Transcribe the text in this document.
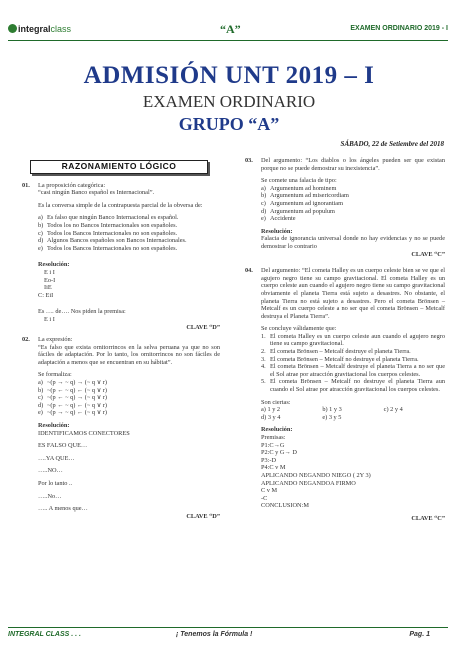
integralclass	“A”	EXAMEN ORDINARIO 2019 - I
ADMISIÓN UNT 2019 – I
EXAMEN ORDINARIO
GRUPO “A”
SÁBADO, 22 de Setiembre del 2018
RAZONAMIENTO LÓGICO
01.	La proposición categórica:

“casi ningún Banco español es Internacional”.

Es la conversa simple de la contrapuesta parcial de la obversa de:

a) Es falso que ningún Banco Internacional es español.
b) Todos los no Bancos Internacionales son españoles.
c) Todos los Bancos Internacionales no son españoles.
d) Algunos Bancos españoles son Bancos Internacionales.
e) Todos los Bancos Internacionales no son españoles.

Resolución:

E i I

Eo-I

IiE

C: EiI

Es …. de…. Nos piden la premisa:

E i I

CLAVE “D”

02.	La expresión:

“Es falso que exista ornitorrincos en la selva peruana ya que no son fáciles de adaptación. Por lo tanto, los ornitorrincos no son fáciles de adaptación a menos que se encuentran en su hábitat”.

Se formaliza:

a) ~(p → ~ q) → (~ q ∨ r)
b) ~(p ← ~ q) ← (~ q ∨ r)
c) ~(p ← ~ q) → (~ q ∨ r)
d) ~(p ← ~ q) ← (~ q ∨ r)
e) ~(p → ~ q) ← (~ q ∨ r)

Resolución:

IDENTIFICAMOS CONECTORES

ES FALSO QUE…

….YA QUE…

…..NO…

Por lo tanto ..

…..No…

….. A menos que…

CLAVE “D”

03.	Del argumento: “Los diablos o los ángeles pueden ser que existan porque no se puede demostrar su inexistencia”.

Se comete una falacia de tipo:

a) Argumentum ad hominem
b) Argumentum ad misericordiam
c) Argumentum ad ignorantiam
d) Argumentum ad populum
e) Accidente

Resolución:

Falacia de ignorancia universal donde no hay evidencias y no se puede demostrar lo contrario

CLAVE “C”

04.	Del argumento: “El cometa Halley es un cuerpo celeste bien se ve que el agujero negro tiene su campo gravitacional. El cometa Halley es un cuerpo celeste aun cuando el agujero negro tiene su campo gravitacional obviamente el planeta Tierra está sujeto a desastres. No obstante, el planeta Tierra no está sujeto a desastres. Pero el cometa Brönsen – Metcalf es un cuerpo celeste a no ser que el cometa Brönsen – Metcalf destruya el Planeta Tierra”.

Se concluye válidamente que:

1. El cometa Halley es un cuerpo celeste aun cuando el agujero negro tiene su campo gravitacional.
2. El cometa Brönsen – Metcalf destruye el planeta Tierra.
3. El cometa Brönsen – Metcalf no destruye el planeta Tierra.
4. El cometa Brönsen – Metcalf destruye el planeta Tierra a no ser que el Sol atrae por atracción gravitacional los cuerpos celestes.
5. El cometa Brönsen – Metcalf no destruye el planeta Tierra aun cuando el Sol atrae por atracción gravitacional los cuerpos celestes.

Son ciertas:

a) 1 y 2	b) 1 y 3	c) 2 y 4
d) 3 y 4	e) 3 y 5

Resolución:

Premisas:

P1:C→G

P2:C y G→ D

P3:-D

P4:C v M

APLICANDO NEGANDO NIEGO ( 2Y 3)

APLICANDO NEGANDOA FIRMO

C v M

-C

CONCLUSION:M

CLAVE “C”

INTEGRAL CLASS . . .	¡ Tenemos la Fórmula !	Pag. 1
